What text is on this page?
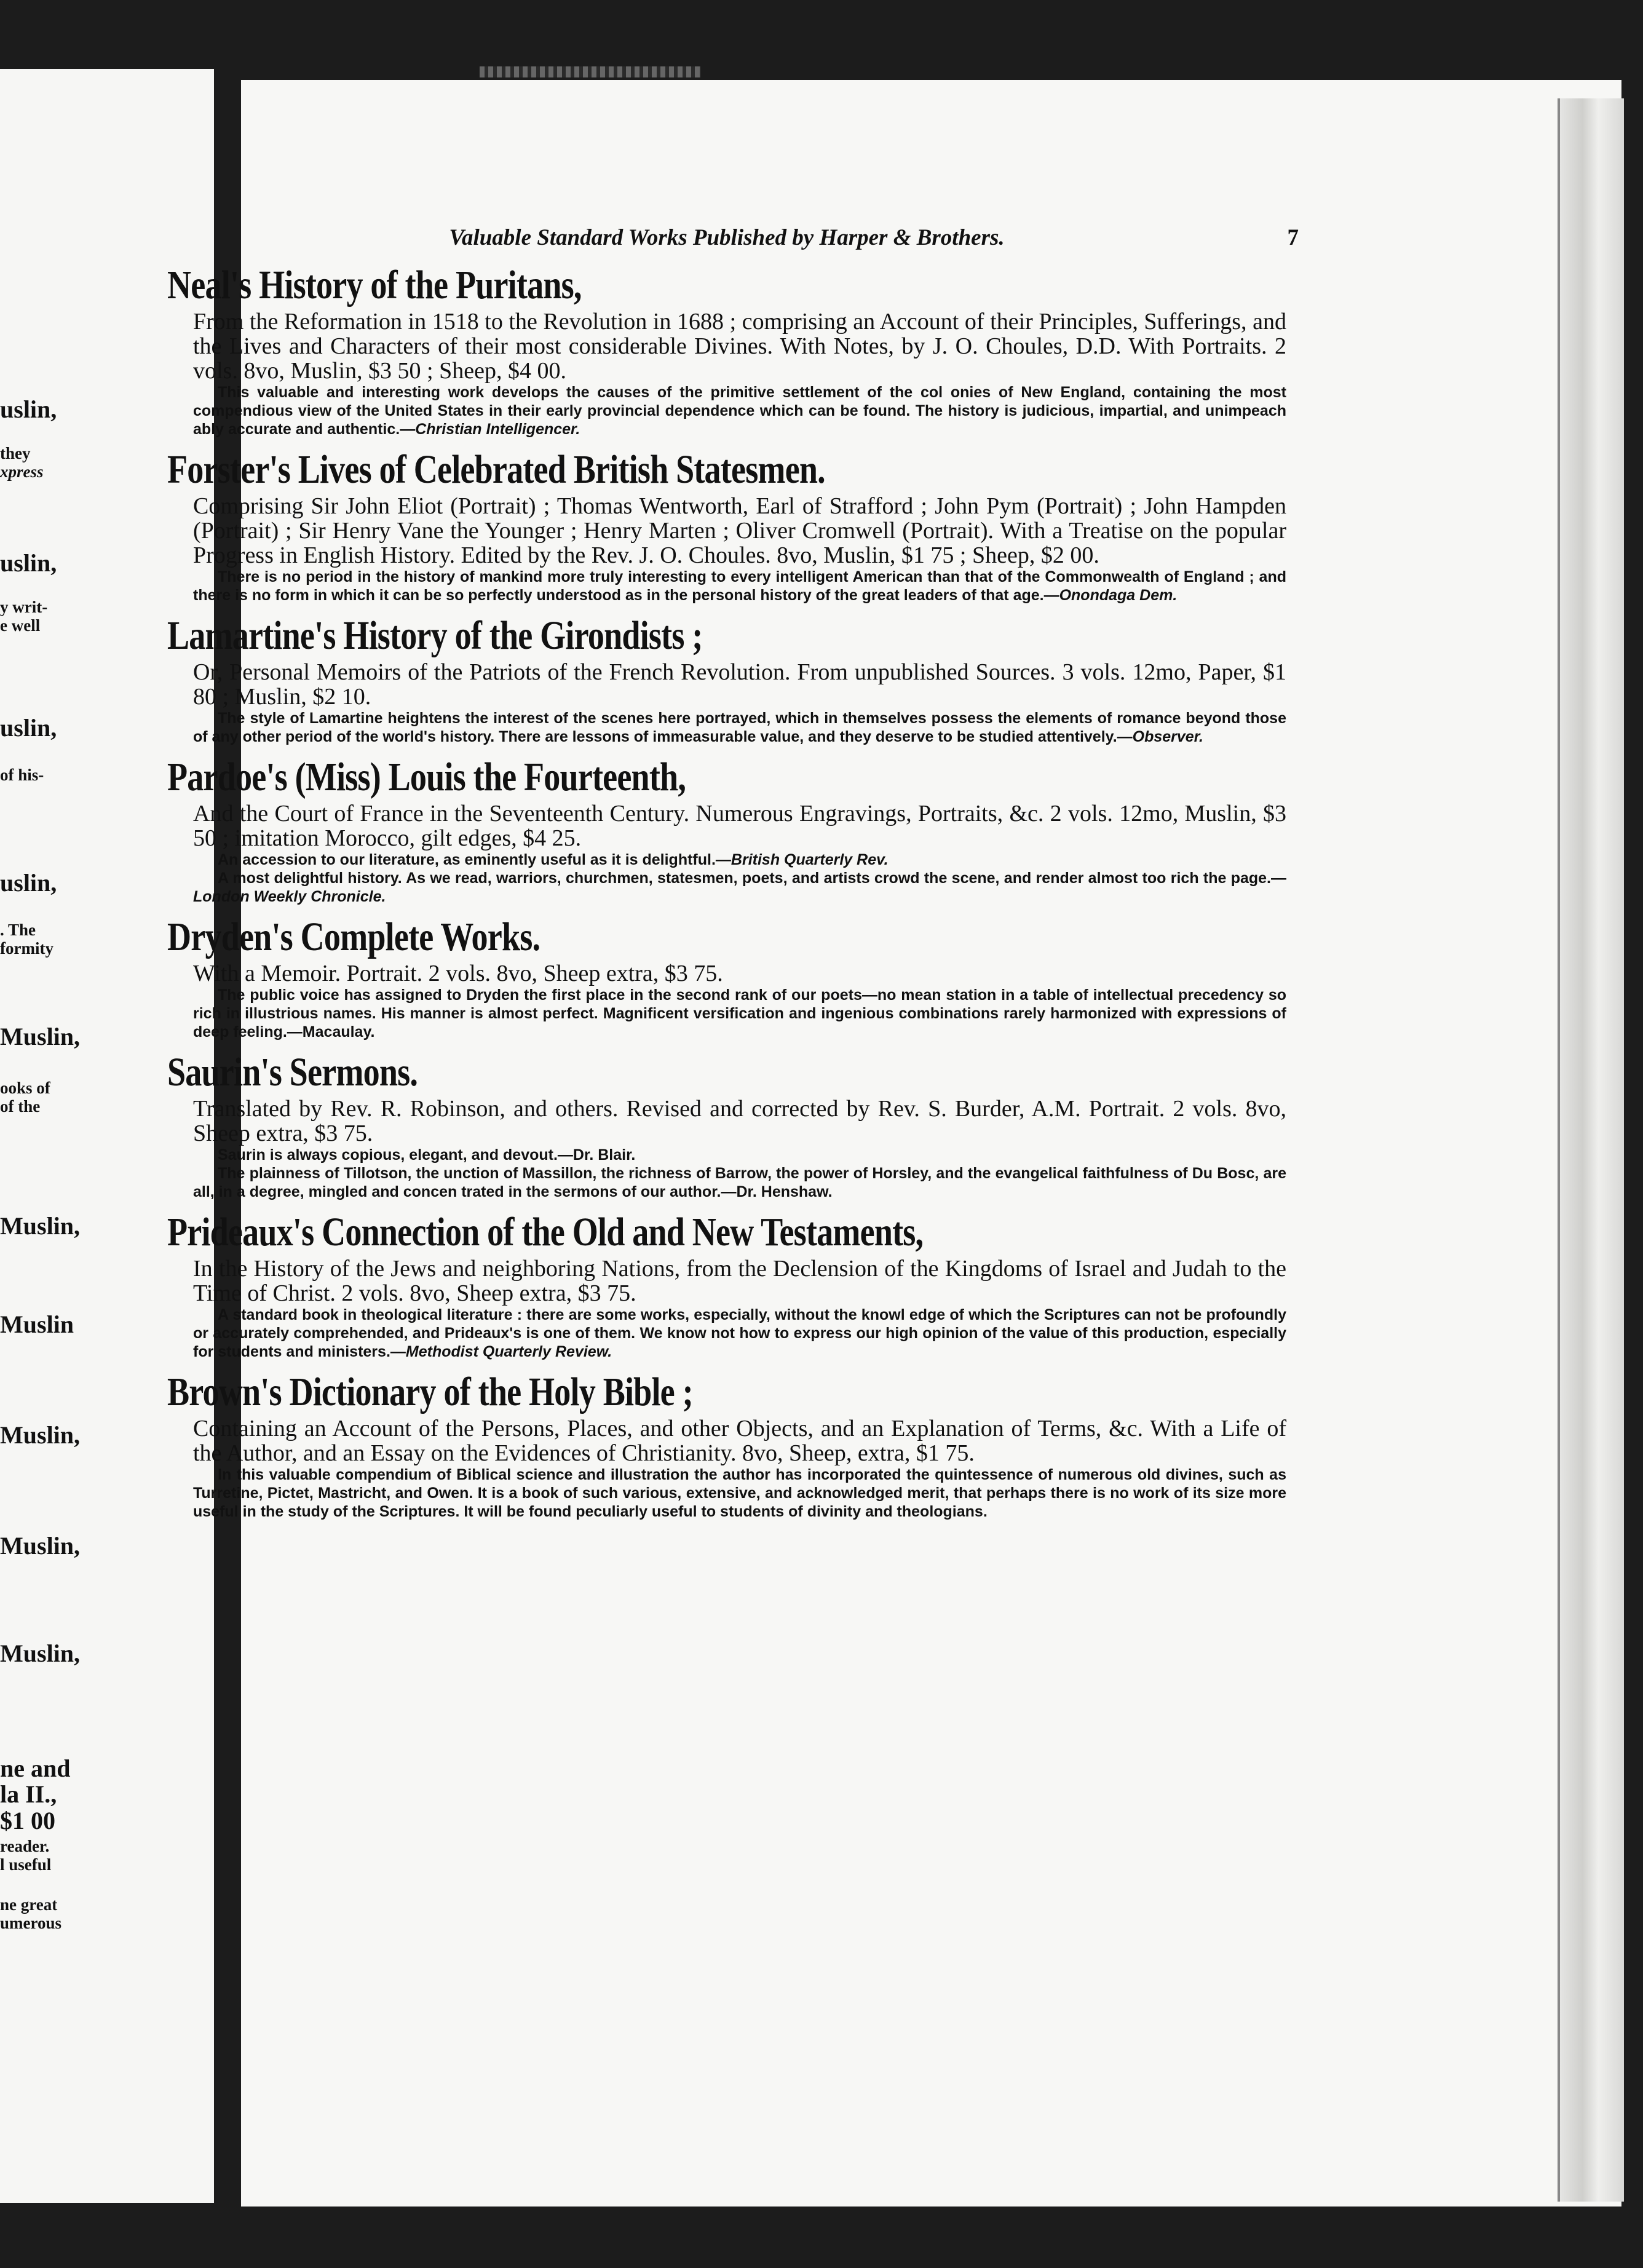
uslin,
they
xpress
uslin,
y writ-
e well
uslin,
of his-
uslin,
. The
formity
Muslin,
ooks of
of the
Muslin,
Muslin
Muslin,
Muslin,
Muslin,
ne and
la II.,
$1 00
reader.
l useful
ne great
umerous
Valuable Standard Works Published by Harper & Brothers.	7
Neal's History of the Puritans,
From the Reformation in 1518 to the Revolution in 1688 ; comprising an Account of their Principles, Sufferings, and the Lives and Characters of their most considerable Divines. With Notes, by J. O. Choules, D.D. With Portraits. 2 vols. 8vo, Muslin, $3 50 ; Sheep, $4 00.
This valuable and interesting work develops the causes of the primitive settlement of the col onies of New England, containing the most compendious view of the United States in their early provincial dependence which can be found. The history is judicious, impartial, and unimpeach ably accurate and authentic.—Christian Intelligencer.
Forster's Lives of Celebrated British Statesmen.
Comprising Sir John Eliot (Portrait) ; Thomas Wentworth, Earl of Strafford ; John Pym (Portrait) ; John Hampden (Portrait) ; Sir Henry Vane the Younger ; Henry Marten ; Oliver Cromwell (Portrait). With a Treatise on the popular Progress in English History. Edited by the Rev. J. O. Choules. 8vo, Muslin, $1 75 ; Sheep, $2 00.
There is no period in the history of mankind more truly interesting to every intelligent American than that of the Commonwealth of England ; and there is no form in which it can be so perfectly understood as in the personal history of the great leaders of that age.—Onondaga Dem.
Lamartine's History of the Girondists ;
Or, Personal Memoirs of the Patriots of the French Revolution. From unpublished Sources. 3 vols. 12mo, Paper, $1 80 ; Muslin, $2 10.
The style of Lamartine heightens the interest of the scenes here portrayed, which in themselves possess the elements of romance beyond those of any other period of the world's history. There are lessons of immeasurable value, and they deserve to be studied attentively.—Observer.
Pardoe's (Miss) Louis the Fourteenth,
And the Court of France in the Seventeenth Century. Numerous Engravings, Portraits, &c. 2 vols. 12mo, Muslin, $3 50 ; imitation Morocco, gilt edges, $4 25.
An accession to our literature, as eminently useful as it is delightful.—British Quarterly Rev.
A most delightful history. As we read, warriors, churchmen, statesmen, poets, and artists crowd the scene, and render almost too rich the page.—London Weekly Chronicle.
Dryden's Complete Works.
With a Memoir. Portrait. 2 vols. 8vo, Sheep extra, $3 75.
The public voice has assigned to Dryden the first place in the second rank of our poets—no mean station in a table of intellectual precedency so rich in illustrious names. His manner is almost perfect. Magnificent versification and ingenious combinations rarely harmonized with expressions of deep feeling.—Macaulay.
Saurin's Sermons.
Translated by Rev. R. Robinson, and others. Revised and corrected by Rev. S. Burder, A.M. Portrait. 2 vols. 8vo, Sheep extra, $3 75.
Saurin is always copious, elegant, and devout.—Dr. Blair.
The plainness of Tillotson, the unction of Massillon, the richness of Barrow, the power of Horsley, and the evangelical faithfulness of Du Bosc, are all, in a degree, mingled and concen trated in the sermons of our author.—Dr. Henshaw.
Prideaux's Connection of the Old and New Testaments,
In the History of the Jews and neighboring Nations, from the Declension of the Kingdoms of Israel and Judah to the Time of Christ. 2 vols. 8vo, Sheep extra, $3 75.
A standard book in theological literature : there are some works, especially, without the knowl edge of which the Scriptures can not be profoundly or accurately comprehended, and Prideaux's is one of them. We know not how to express our high opinion of the value of this production, especially for students and ministers.—Methodist Quarterly Review.
Brown's Dictionary of the Holy Bible ;
Containing an Account of the Persons, Places, and other Objects, and an Explanation of Terms, &c. With a Life of the Author, and an Essay on the Evidences of Christianity. 8vo, Sheep, extra, $1 75.
In this valuable compendium of Biblical science and illustration the author has incorporated the quintessence of numerous old divines, such as Turretine, Pictet, Mastricht, and Owen. It is a book of such various, extensive, and acknowledged merit, that perhaps there is no work of its size more useful in the study of the Scriptures. It will be found peculiarly useful to students of divinity and theologians.
